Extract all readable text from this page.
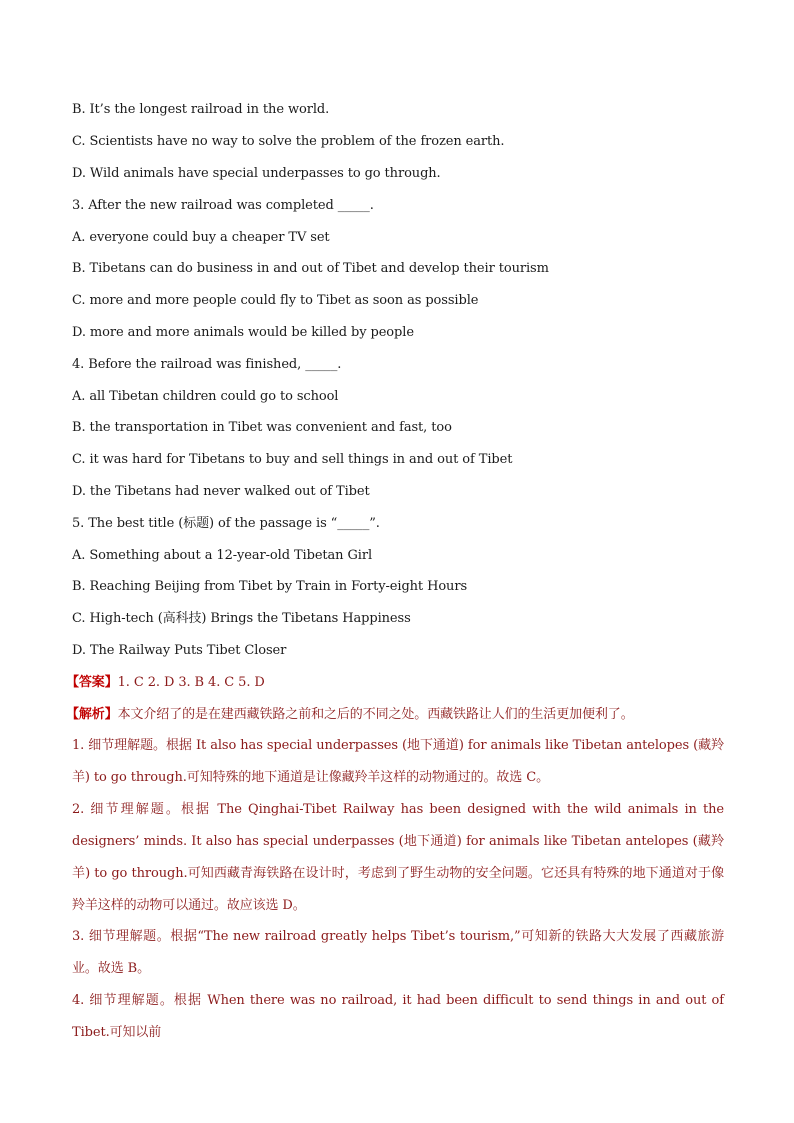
B. It’s the longest railroad in the world.
C. Scientists have no way to solve the problem of the frozen earth.
D. Wild animals have special underpasses to go through.
3. After the new railroad was completed _____.
A. everyone could buy a cheaper TV set
B. Tibetans can do business in and out of Tibet and develop their tourism
C. more and more people could fly to Tibet as soon as possible
D. more and more animals would be killed by people
4. Before the railroad was finished, _____.
A. all Tibetan children could go to school
B. the transportation in Tibet was convenient and fast, too
C. it was hard for Tibetans to buy and sell things in and out of Tibet
D. the Tibetans had never walked out of Tibet
5. The best title (标题) of the passage is “_____”.
A. Something about a 12-year-old Tibetan Girl
B. Reaching Beijing from Tibet by Train in Forty-eight Hours
C. High-tech (高科技) Brings the Tibetans Happiness
D. The Railway Puts Tibet Closer
【答案】1. C 2. D 3. B 4. C 5. D
【解析】本文介绍了的是在建西藏铁路之前和之后的不同之处。西藏铁路让人们的生活更加便利了。
1. 细节理解题。根据 It also has special underpasses (地下通道) for animals like Tibetan antelopes (藏羚羊) to go through.可知特殊的地下通道是让像藏羚羊这样的动物通过的。故选 C。
2. 细节理解题。根据 The Qinghai-Tibet Railway has been designed with the wild animals in the designers’ minds. It also has special underpasses (地下通道) for animals like Tibetan antelopes (藏羚羊) to go through.可知西藏青海铁路在设计时，考虑到了野生动物的安全问题。它还具有特殊的地下通道对于像羚羊这样的动物可以通过。故应该选 D。
3. 细节理解题。根据“The new railroad greatly helps Tibet’s tourism,”可知新的铁路大大发展了西藏旅游业。故选 B。
4. 细节理解题。根据 When there was no railroad, it had been difficult to send things in and out of Tibet.可知以前
